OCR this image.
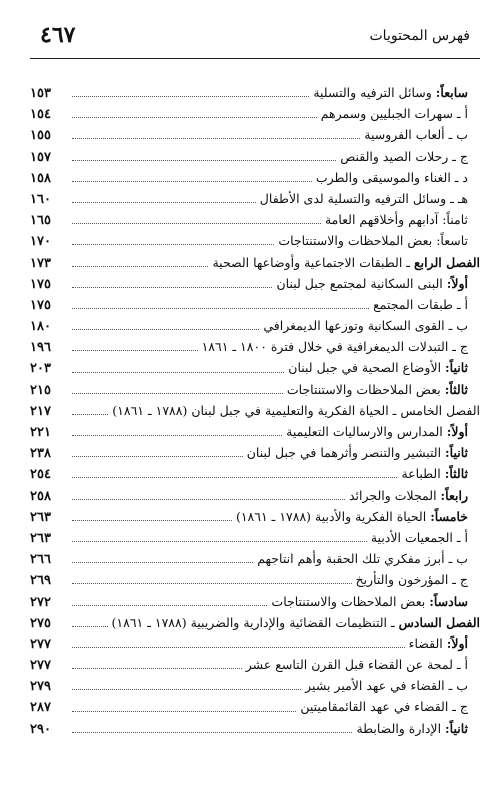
٤٦٧	فهرس المحتويات
١٥٣	سابعاً: وسائل الترفيه والتسلية
١٥٤	أ ـ سهرات الجبليين وسمرهم
١٥٥	ب ـ ألعاب الفروسية
١٥٧	ج ـ رحلات الصيد والقنص
١٥٨	د ـ الغناء والموسيقى والطرب
١٦٠	هـ ـ وسائل الترفيه والتسلية لدى الأطفال
١٦٥	ثامناً: آدابهم وأخلاقهم العامة
١٧٠	تاسعاً: بعض الملاحظات والاستنتاجات
١٧٣	الفصل الرابع ـ الطبقات الاجتماعية وأوضاعها الصحية
١٧٥	أولاً: البنى السكانية لمجتمع جبل لبنان
١٧٥	أ ـ طبقات المجتمع
١٨٠	ب ـ القوى السكانية وتوزعها الديمغرافي
١٩٦	ج ـ التبدلات الديمغرافية في خلال فترة ١٨٠٠ ـ ١٨٦١
٢٠٣	ثانياً: الأوضاع الصحية في جبل لبنان
٢١٥	ثالثاً: بعض الملاحظات والاستنتاجات
٢١٧	الفصل الخامس ـ الحياة الفكرية والتعليمية في جبل لبنان (١٧٨٨ ـ ١٨٦١)
٢٢١	أولاً: المدارس والارساليات التعليمية
٢٣٨	ثانياً: التبشير والتنصر وأثرهما في جبل لبنان
٢٥٤	ثالثاً: الطباعة
٢٥٨	رابعاً: المجلات والجرائد
٢٦٣	خامساً: الحياة الفكرية والأدبية (١٧٨٨ ـ ١٨٦١)
٢٦٣	أ ـ الجمعيات الأدبية
٢٦٦	ب ـ أبرز مفكري تلك الحقبة وأهم انتاجهم
٢٦٩	ج ـ المؤرخون والتأريخ
٢٧٢	سادساً: بعض الملاحظات والاستنتاجات
٢٧٥	الفصل السادس ـ التنظيمات القضائية والإدارية والضريبية (١٧٨٨ ـ ١٨٦١)
٢٧٧	أولاً: القضاء
٢٧٧	أ ـ لمحة عن القضاء قبل القرن التاسع عشر
٢٧٩	ب ـ القضاء في عهد الأمير بشير
٢٨٧	ج ـ القضاء في عهد القائمقاميتين
٢٩٠	ثانياً: الإدارة والضابطة
